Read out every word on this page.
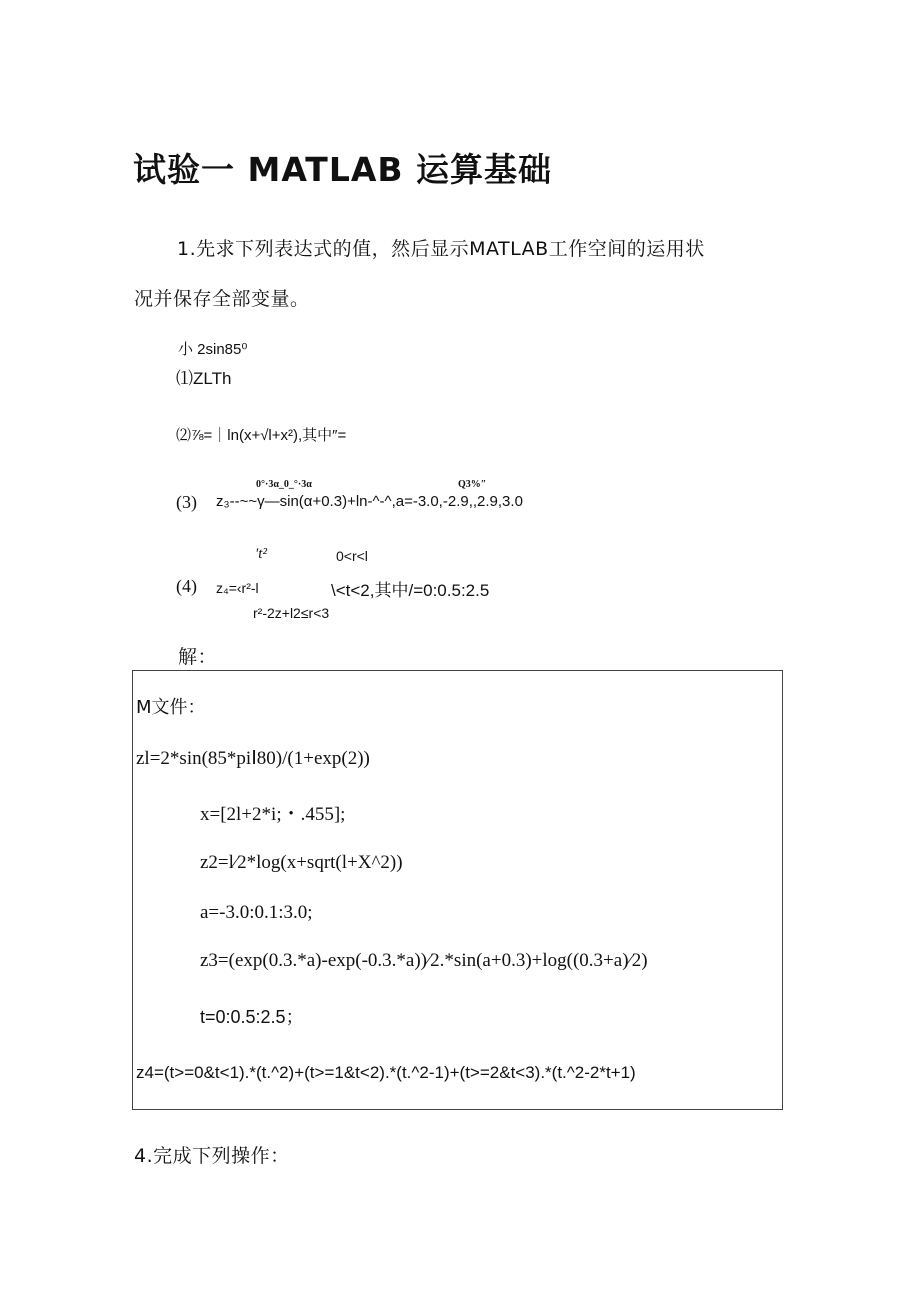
试验一 MATLAB 运算基础
1.先求下列表达式的值，然后显示MATLAB工作空间的运用状
况并保存全部变量。
小 2sin85⁰
⑴ZLTh
⑵⅞=｜ln(x+√l+x²),其中″=
0°·3α_0_°·3α	Q3%″
(3) z₃--~~γ—sin(α+0.3)+ln-^-^,a=-3.0,-2.9,,2.9,3.0
′t²	0<r<l
(4) z₄=‹r²-l	\<t<2,其中/=0:0.5:2.5
r²-2z+l2≤r<3
解：
M文件：
zl=2*sin(85*piⅠ80)/(1+exp(2))
x=[2l+2*i;・.455];
z2=l⁄2*log(x+sqrt(l+X^2))
a=-3.0:0.1:3.0;
z3=(exp(0.3.*a)-exp(-0.3.*a))⁄2.*sin(a+0.3)+log((0.3+a)⁄2)
t=0:0.5:2.5；
z4=(t>=0&t<1).*(t.^2)+(t>=1&t<2).*(t.^2-1)+(t>=2&t<3).*(t.^2-2*t+1)
4.完成下列操作：
